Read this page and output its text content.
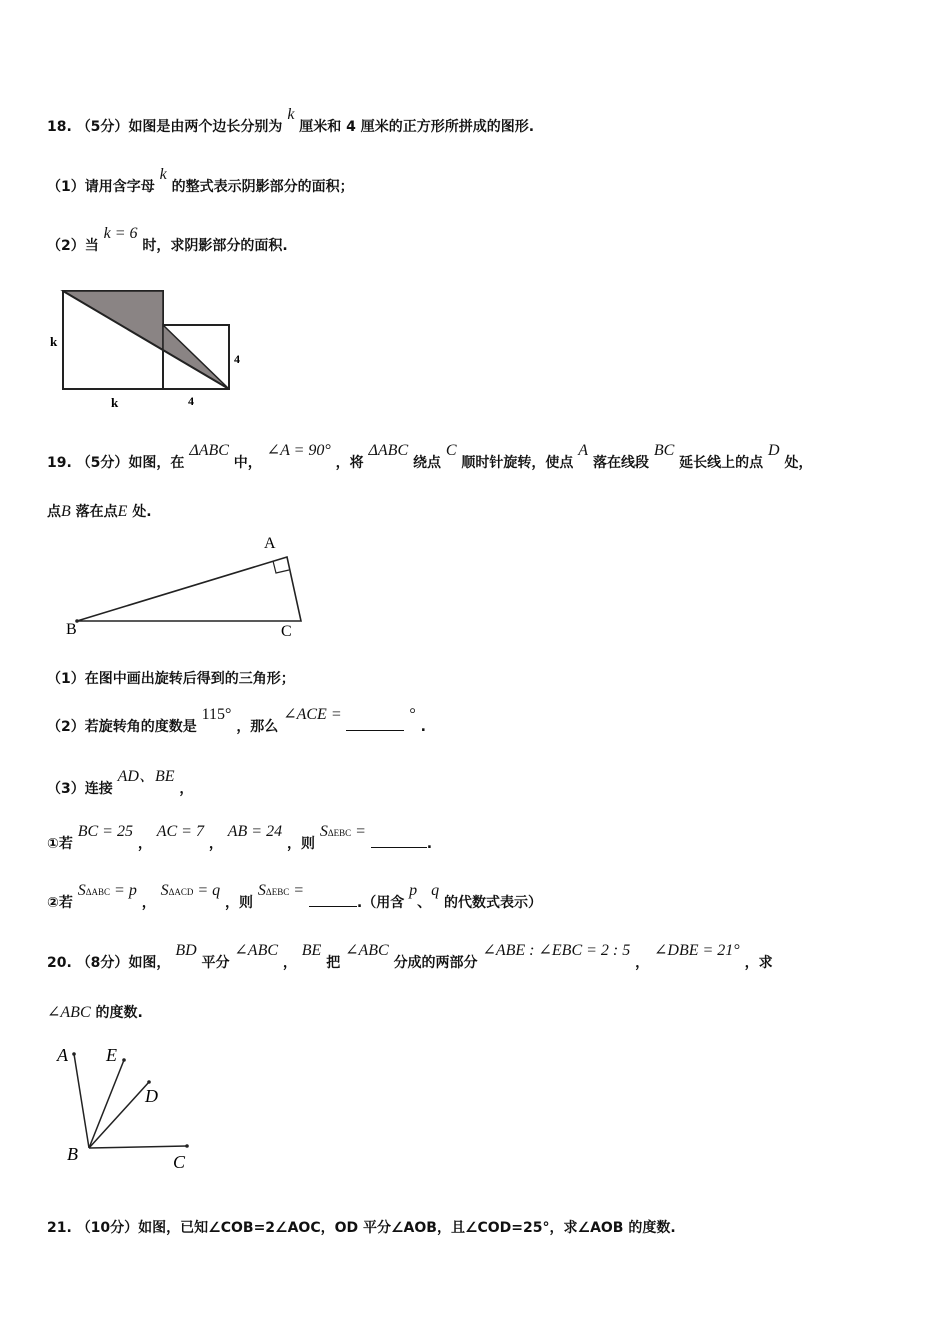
18. （5分）如图是由两个边长分别为 k 厘米和 4 厘米的正方形所拼成的图形.
（1）请用含字母 k 的整式表示阴影部分的面积；
（2）当 k = 6 时，求阴影部分的面积.
k
k	4
4
19. （5分）如图，在 ΔABC 中， ∠A = 90° ，将 ΔABC 绕点 C 顺时针旋转，使点 A 落在线段 BC 延长线上的点 D 处，
点B 落在点E 处.
A
B	C
（1）在图中画出旋转后得到的三角形；
（2）若旋转角的度数是 115° ，那么 ∠ACE =	° .
（3）连接 AD、BE ，
①若 BC = 25 ， AC = 7 ， AB = 24 ，则 SΔEBC = .
②若 SΔABC = p ， SΔACD = q ，则 SΔEBC = .（用含 p、q 的代数式表示）
20. （8分）如图， BD 平分 ∠ABC ， BE 把 ∠ABC 分成的两部分 ∠ABE : ∠EBC = 2 : 5 ， ∠DBE = 21° ，求
∠ABC 的度数.
A E
D
B	C
21. （10分）如图，已知∠COB=2∠AOC，OD 平分∠AOB，且∠COD=25°，求∠AOB 的度数.
